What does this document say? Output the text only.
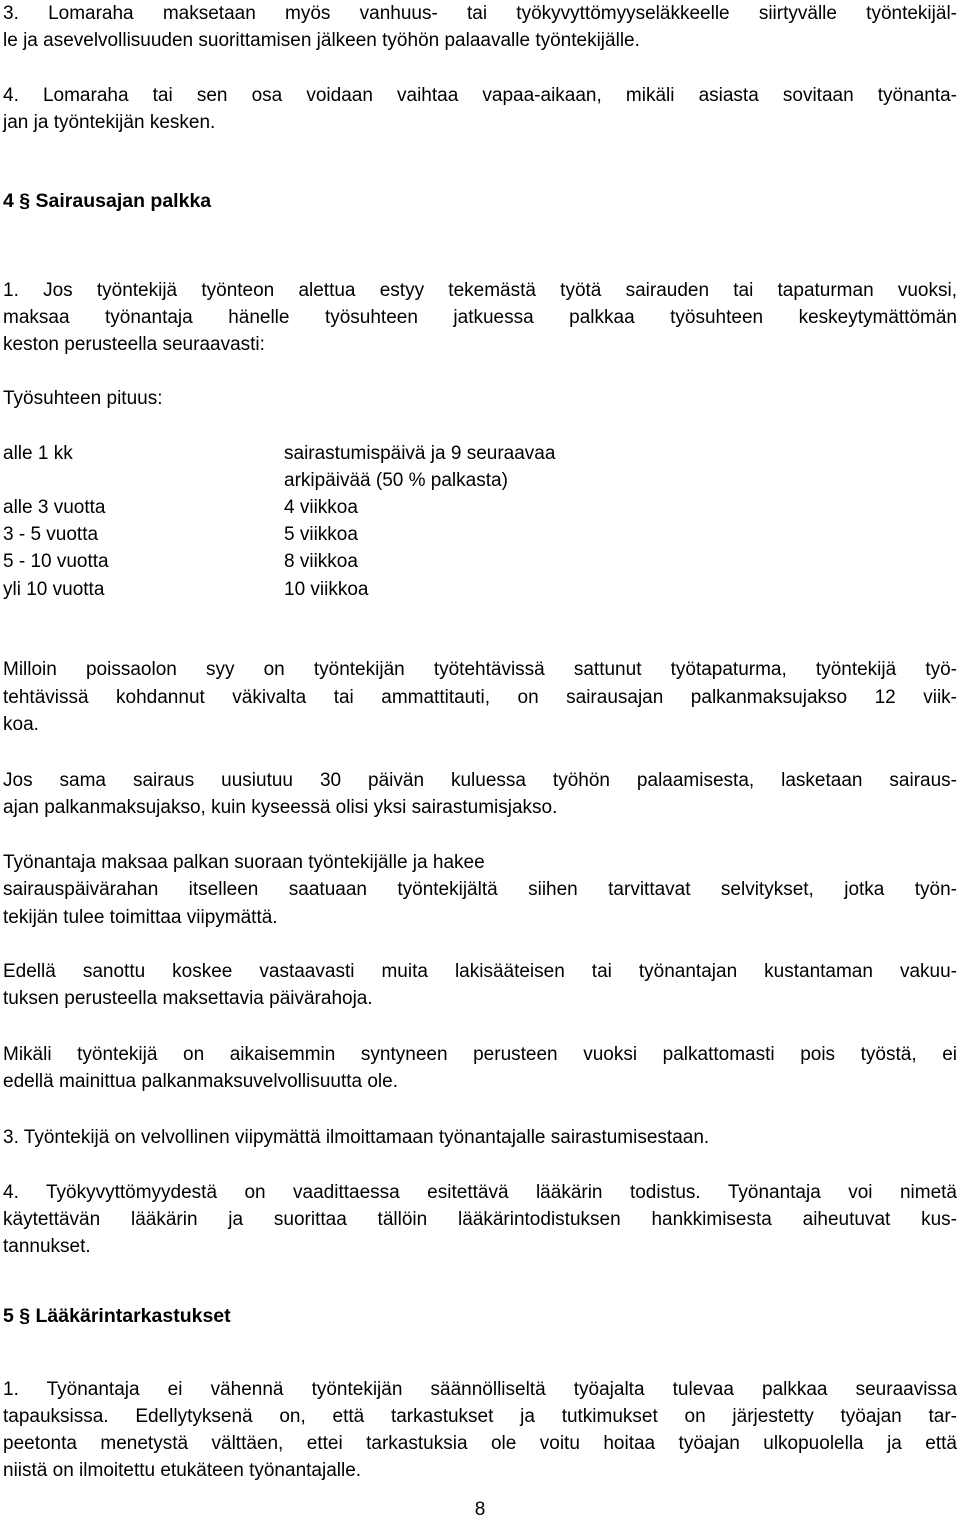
3. Lomaraha maksetaan myös vanhuus- tai työkyvyttömyyseläkkeelle siirtyvälle työntekijäl-
le ja asevelvollisuuden suorittamisen jälkeen työhön palaavalle työntekijälle.
4. Lomaraha tai sen osa voidaan vaihtaa vapaa-aikaan, mikäli asiasta sovitaan työnanta-
jan ja työntekijän kesken.
4 § Sairausajan palkka
1. Jos työntekijä työnteon alettua estyy tekemästä työtä sairauden tai tapaturman vuoksi,
maksaa työnantaja hänelle työsuhteen jatkuessa palkkaa työsuhteen keskeytymättömän
keston perusteella seuraavasti:
Työsuhteen pituus:
alle 1 kk	sairastumispäivä ja 9 seuraavaa
arkipäivää (50 % palkasta)
alle 3 vuotta	4 viikkoa
3 - 5 vuotta	5 viikkoa
5 - 10 vuotta	8 viikkoa
yli 10 vuotta	10 viikkoa
Milloin poissaolon syy on työntekijän työtehtävissä sattunut työtapaturma, työntekijä työ-
tehtävissä kohdannut väkivalta tai ammattitauti, on sairausajan palkanmaksujakso 12 viik-
koa.
Jos sama sairaus uusiutuu 30 päivän kuluessa työhön palaamisesta, lasketaan sairaus-
ajan palkanmaksujakso, kuin kyseessä olisi yksi sairastumisjakso.
Työnantaja maksaa palkan suoraan työntekijälle ja hakee
sairauspäivärahan itselleen saatuaan työntekijältä siihen tarvittavat selvitykset, jotka työn-
tekijän tulee toimittaa viipymättä.
Edellä sanottu koskee vastaavasti muita lakisääteisen tai työnantajan kustantaman vakuu-
tuksen perusteella maksettavia päivärahoja.
Mikäli työntekijä on aikaisemmin syntyneen perusteen vuoksi palkattomasti pois työstä, ei
edellä mainittua palkanmaksuvelvollisuutta ole.
3. Työntekijä on velvollinen viipymättä ilmoittamaan työnantajalle sairastumisestaan.
4. Työkyvyttömyydestä on vaadittaessa esitettävä lääkärin todistus. Työnantaja voi nimetä
käytettävän lääkärin ja suorittaa tällöin lääkärintodistuksen hankkimisesta aiheutuvat kus-
tannukset.
5 § Lääkärintarkastukset
1. Työnantaja ei vähennä työntekijän säännölliseltä työajalta tulevaa palkkaa seuraavissa
tapauksissa. Edellytyksenä on, että tarkastukset ja tutkimukset on järjestetty työajan tar-
peetonta menetystä välttäen, ettei tarkastuksia ole voitu hoitaa työajan ulkopuolella ja että
niistä on ilmoitettu etukäteen työnantajalle.
8
